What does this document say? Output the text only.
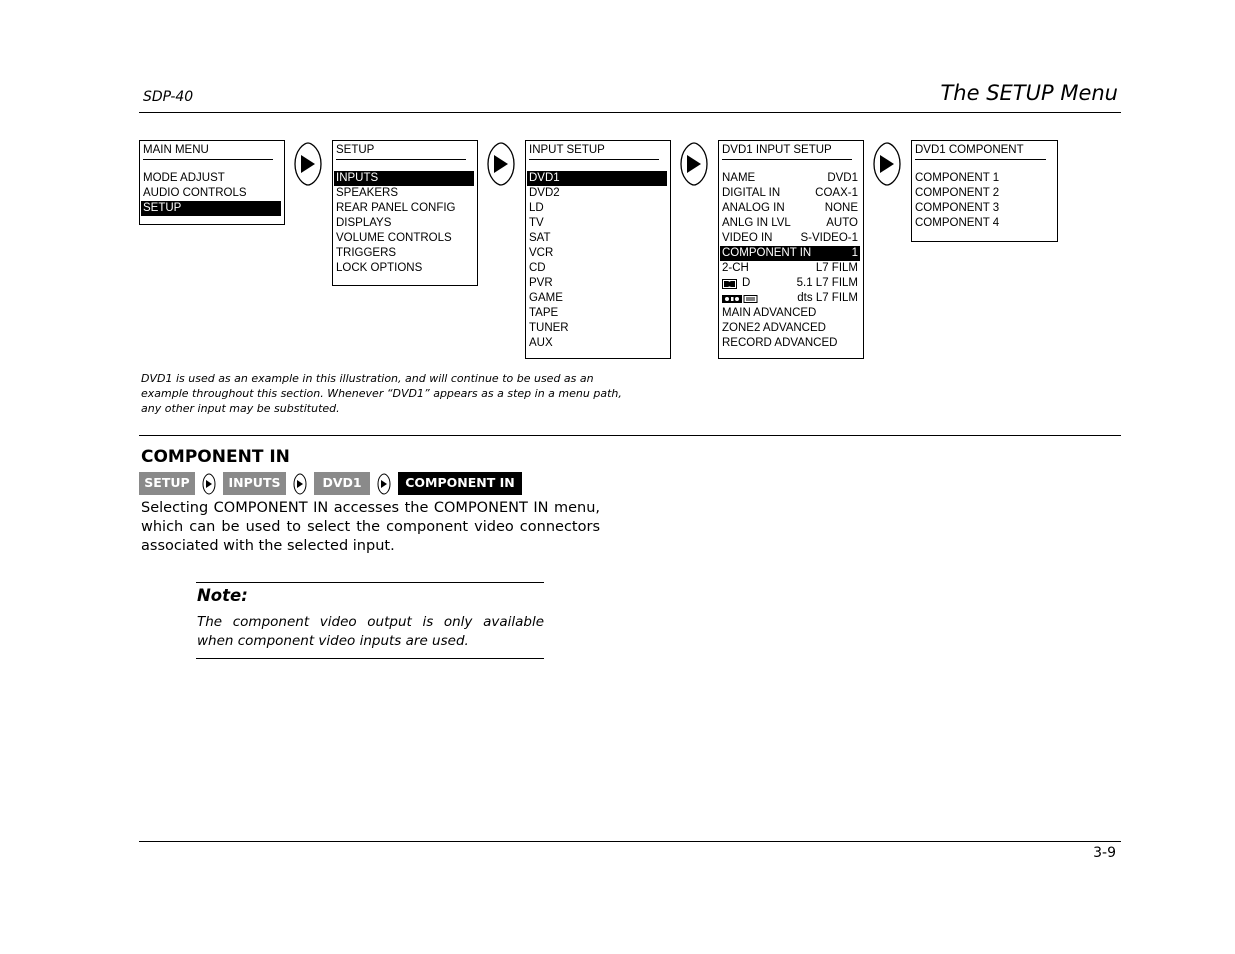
SDP-40	The SETUP Menu
MAIN MENU
MODE ADJUST
AUDIO CONTROLS
SETUP
SETUP
INPUTS
SPEAKERS
REAR PANEL CONFIG
DISPLAYS
VOLUME CONTROLS
TRIGGERS
LOCK OPTIONS
INPUT SETUP
DVD1
DVD2
LD
TV
SAT
VCR
CD
PVR
GAME
TAPE
TUNER
AUX
DVD1 INPUT SETUP
NAME	DVD1
DIGITAL IN	COAX-1
ANALOG IN	NONE
ANLG IN LVL	AUTO
VIDEO IN S-VIDEO-1
COMPONENT IN	1
2-CH	L7 FILM
D	5.1 L7 FILM
dts L7 FILM
MAIN ADVANCED
ZONE2 ADVANCED
RECORD ADVANCED
DVD1 COMPONENT
COMPONENT 1
COMPONENT 2
COMPONENT 3
COMPONENT 4
DVD1 is used as an example in this illustration, and will continue to be used as an example throughout this section. Whenever “DVD1” appears as a step in a menu path, any other input may be substituted.
COMPONENT IN
SETUP	INPUTS	DVD1	COMPONENT IN
Selecting COMPONENT IN accesses the COMPONENT IN menu, which can be used to select the component video connectors associated with the selected input.
Note:
The component video output is only available when component video inputs are used.
3-9
